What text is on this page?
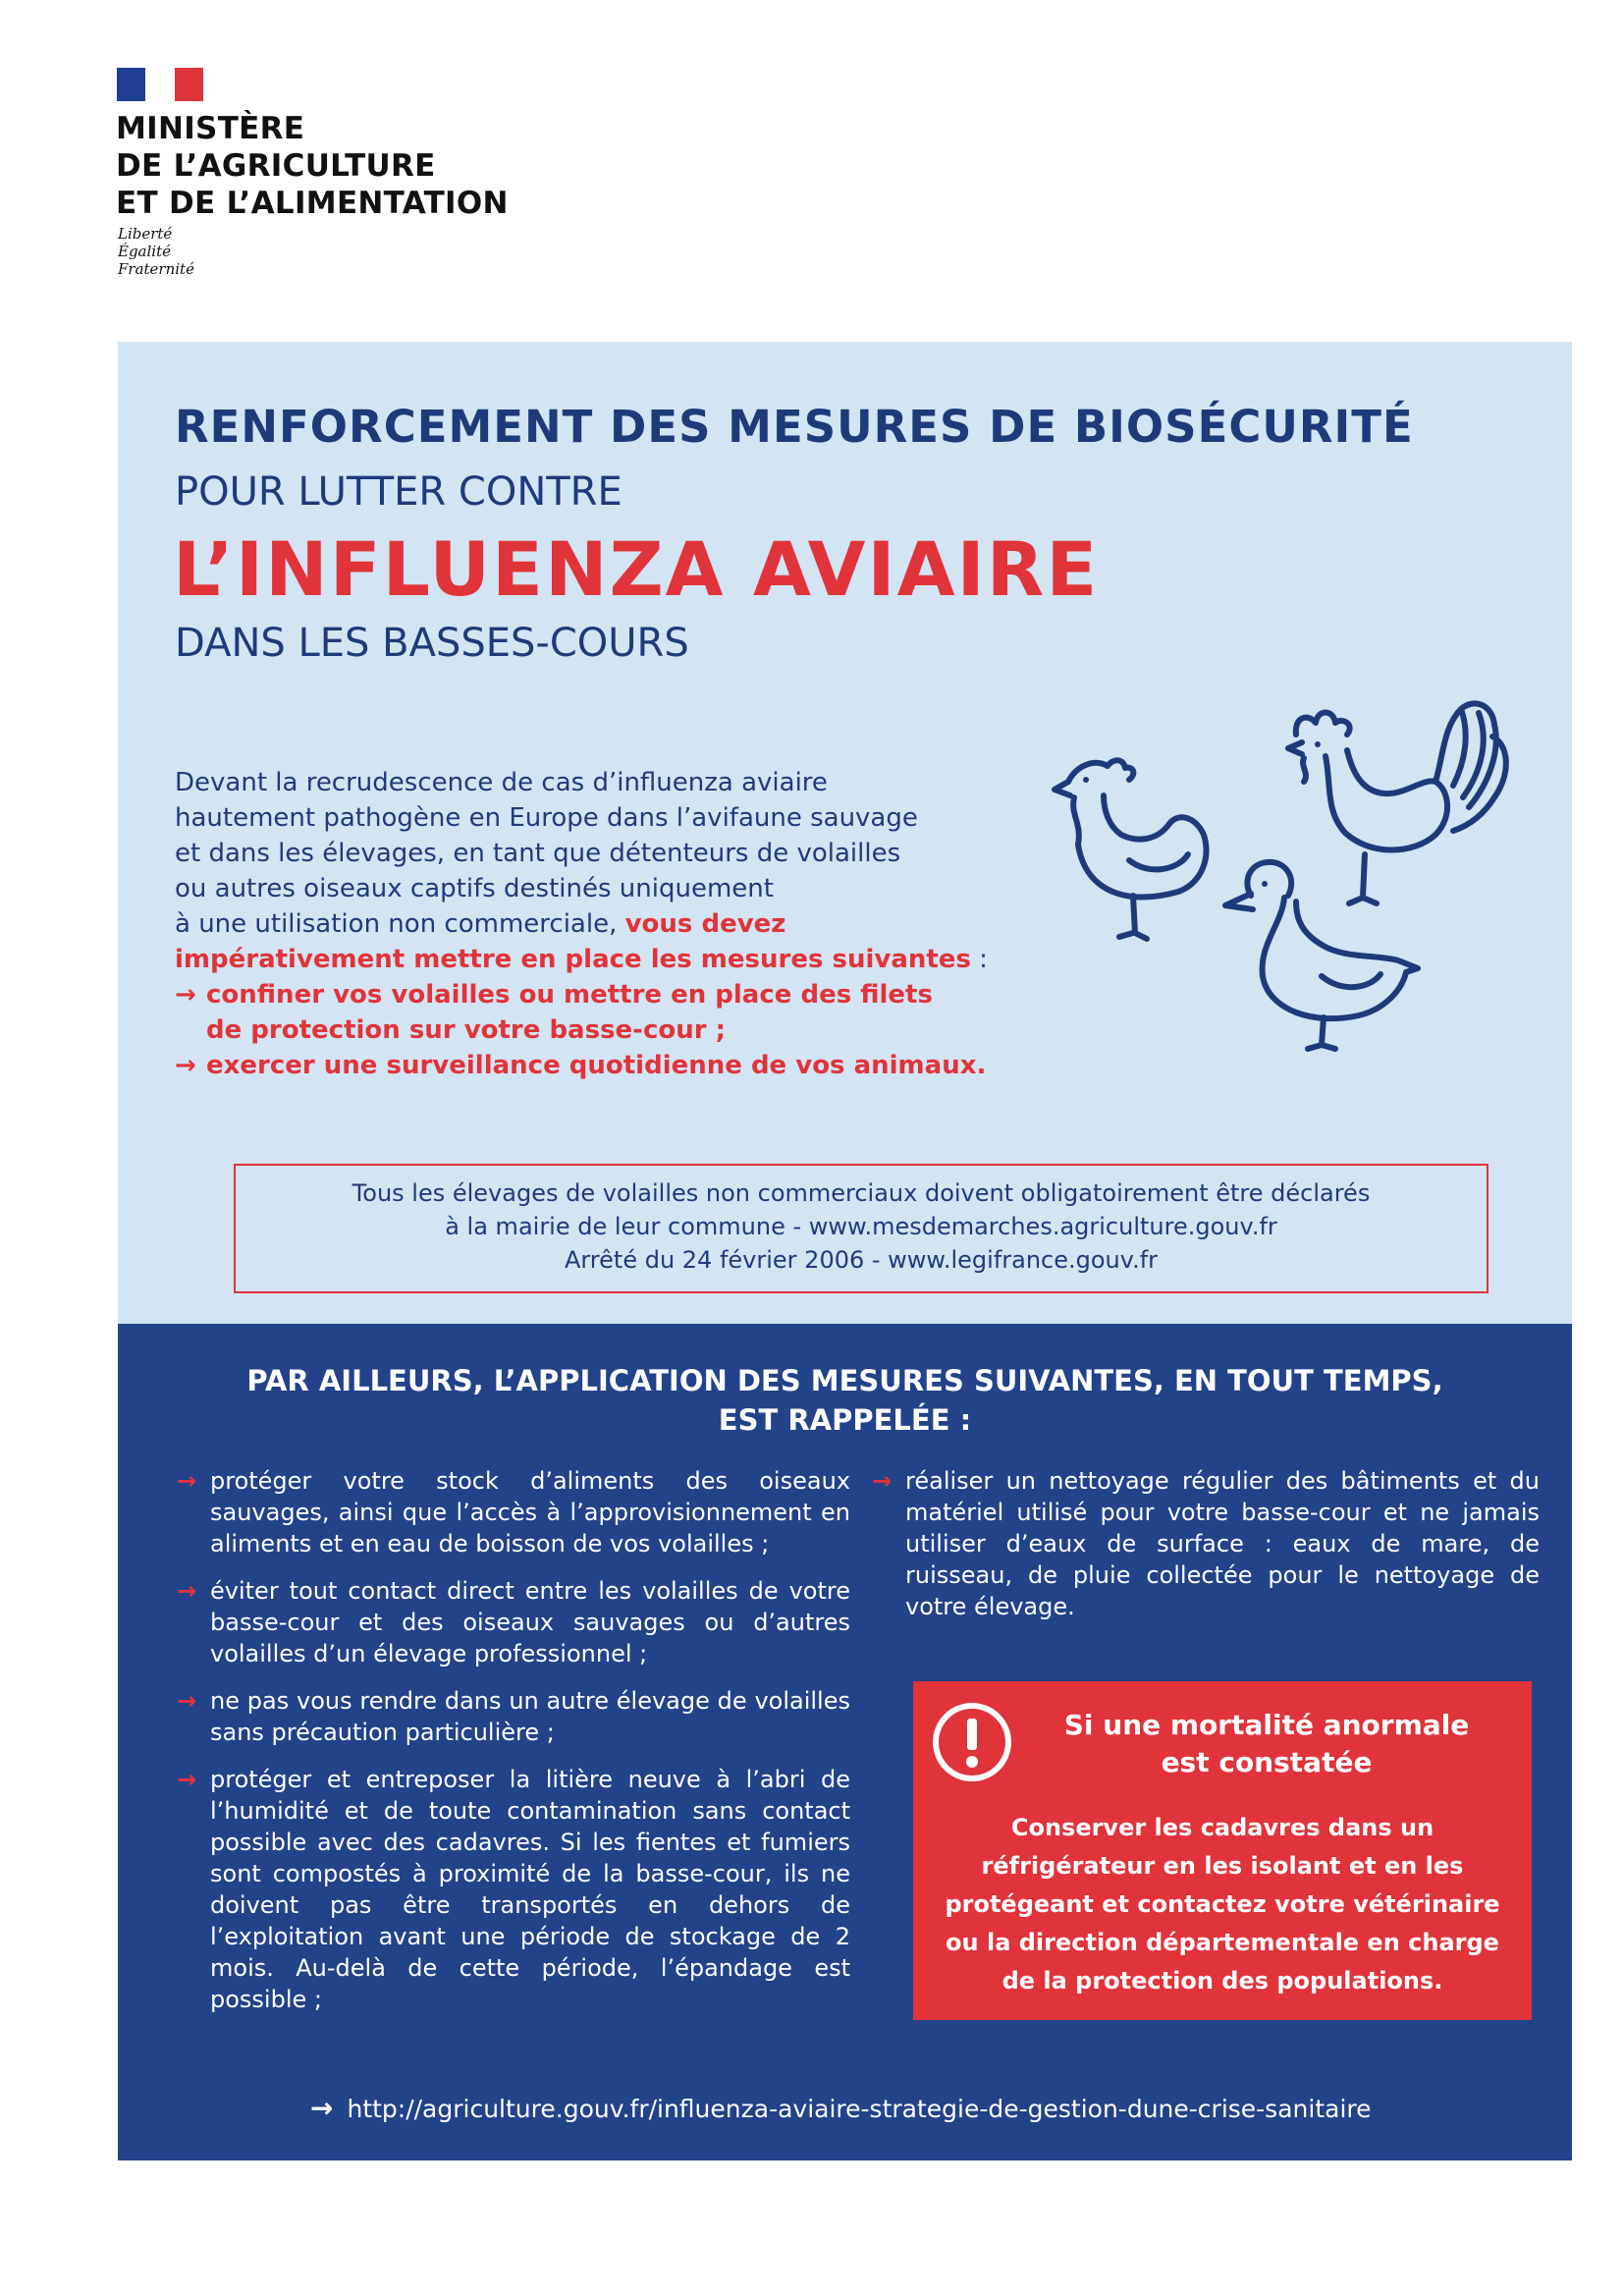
MINISTÈRE
DE L’AGRICULTURE
ET DE L’ALIMENTATION
Liberté
Égalité
Fraternité
RENFORCEMENT DES MESURES DE BIOSÉCURITÉ
POUR LUTTER CONTRE
L’INFLUENZA AVIAIRE
DANS LES BASSES-COURS
Devant la recrudescence de cas d’influenza aviaire
hautement pathogène en Europe dans l’avifaune sauvage
et dans les élevages, en tant que détenteurs de volailles
ou autres oiseaux captifs destinés uniquement
à une utilisation non commerciale, vous devez
impérativement mettre en place les mesures suivantes :
→ confiner vos volailles ou mettre en place des filets
de protection sur votre basse-cour ;
→ exercer une surveillance quotidienne de vos animaux.
Tous les élevages de volailles non commerciaux doivent obligatoirement être déclarés
à la mairie de leur commune - www.mesdemarches.agriculture.gouv.fr
Arrêté du 24 février 2006 - www.legifrance.gouv.fr
PAR AILLEURS, L’APPLICATION DES MESURES SUIVANTES, EN TOUT TEMPS,
EST RAPPELÉE :
→ protéger votre stock d’aliments des oiseaux sauvages, ainsi que l’accès à l’approvisionnement en aliments et en eau de boisson de vos volailles ;
→ éviter tout contact direct entre les volailles de votre basse-cour et des oiseaux sauvages ou d’autres volailles d’un élevage professionnel ;
→ ne pas vous rendre dans un autre élevage de volailles sans précaution particulière ;
→ protéger et entreposer la litière neuve à l’abri de l’humidité et de toute contamination sans contact possible avec des cadavres. Si les fientes et fumiers sont compostés à proximité de la basse-cour, ils ne doivent pas être transportés en dehors de l’exploitation avant une période de stockage de 2 mois. Au-delà de cette période, l’épandage est possible ;
→ réaliser un nettoyage régulier des bâtiments et du matériel utilisé pour votre basse-cour et ne jamais utiliser d’eaux de surface : eaux de mare, de ruisseau, de pluie collectée pour le nettoyage de votre élevage.
Si une mortalité anormale
est constatée
Conserver les cadavres dans un réfrigérateur en les isolant et en les protégeant et contactez votre vétérinaire ou la direction départementale en charge de la protection des populations.
→ http://agriculture.gouv.fr/influenza-aviaire-strategie-de-gestion-dune-crise-sanitaire
